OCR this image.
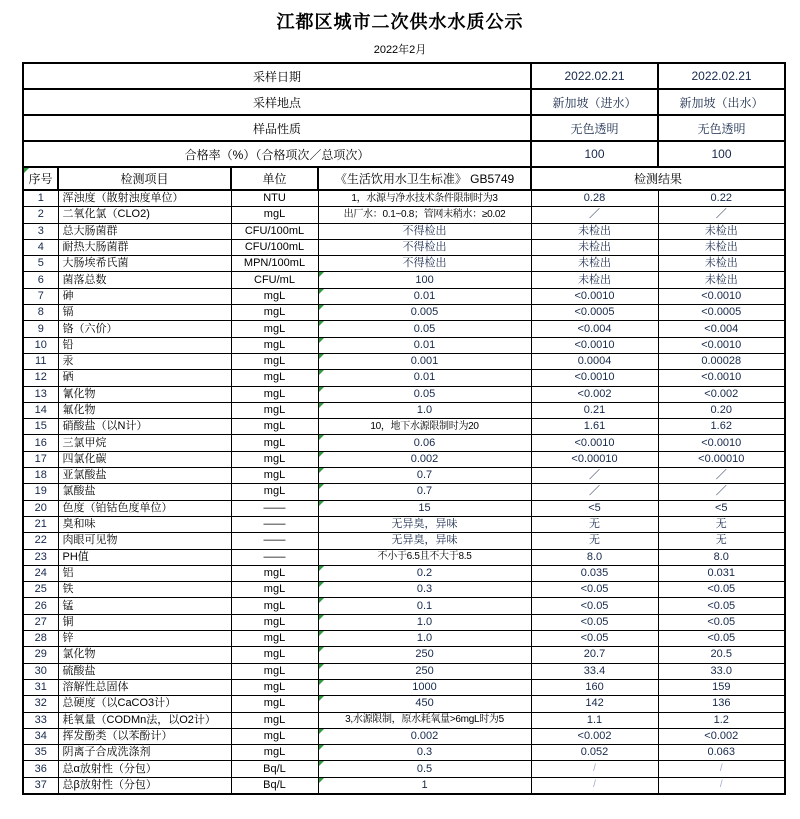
江都区城市二次供水水质公示
2022年2月
采样日期				2022.02.21	2022.02.21
采样地点				新加坡（进水）	新加坡（出水）
样品性质				无色透明	无色透明
合格率（%）（合格项次／总项次）				100	100
序号	检测项目	单位	《生活饮用水卫生标准》 GB5749	检测结果	
1	浑浊度（散射浊度单位）	NTU	1，水源与净水技术条件限制时为3	0.28	0.22
2	二氧化氯（CLO2)	mgL	出厂水：0.1~0.8；管网末稍水：≥0.02	／	／
3	总大肠菌群	CFU/100mL	不得检出	未检出	未检出
4	耐热大肠菌群	CFU/100mL	不得检出	未检出	未检出
5	大肠埃希氏菌	MPN/100mL	不得检出	未检出	未检出
6	菌落总数	CFU/mL	100	未检出	未检出
7	砷	mgL	0.01	<0.0010	<0.0010
8	镉	mgL	0.005	<0.0005	<0.0005
9	铬（六价）	mgL	0.05	<0.004	<0.004
10	铅	mgL	0.01	<0.0010	<0.0010
11	汞	mgL	0.001	0.0004	0.00028
12	硒	mgL	0.01	<0.0010	<0.0010
13	氰化物	mgL	0.05	<0.002	<0.002
14	氟化物	mgL	1.0	0.21	0.20
15	硝酸盐（以N计）	mgL	10，地下水源限制时为20	1.61	1.62
16	三氯甲烷	mgL	0.06	<0.0010	<0.0010
17	四氯化碳	mgL	0.002	<0.00010	<0.00010
18	亚氯酸盐	mgL	0.7	／	／
19	氯酸盐	mgL	0.7	／	／
20	色度（铂钴色度单位）	——	15	<5	<5
21	臭和味	——	无异臭，异味	无	无
22	肉眼可见物	——	无异臭，异味	无	无
23	PH值	——	不小于6.5且不大于8.5	8.0	8.0
24	铝	mgL	0.2	0.035	0.031
25	铁	mgL	0.3	<0.05	<0.05
26	锰	mgL	0.1	<0.05	<0.05
27	铜	mgL	1.0	<0.05	<0.05
28	锌	mgL	1.0	<0.05	<0.05
29	氯化物	mgL	250	20.7	20.5
30	硫酸盐	mgL	250	33.4	33.0
31	溶解性总固体	mgL	1000	160	159
32	总硬度（以CaCO3计）	mgL	450	142	136
33	耗氧量（CODMn法，以O2计）	mgL	3,水源限制，原水耗氧量>6mgL时为5	1.1	1.2
34	挥发酚类（以苯酚计）	mgL	0.002	<0.002	<0.002
35	阴离子合成洗涤剂	mgL	0.3	0.052	0.063
36	总α放射性（分包）	Bq/L	0.5	/	/
37	总β放射性（分包）	Bq/L	1	/	/
